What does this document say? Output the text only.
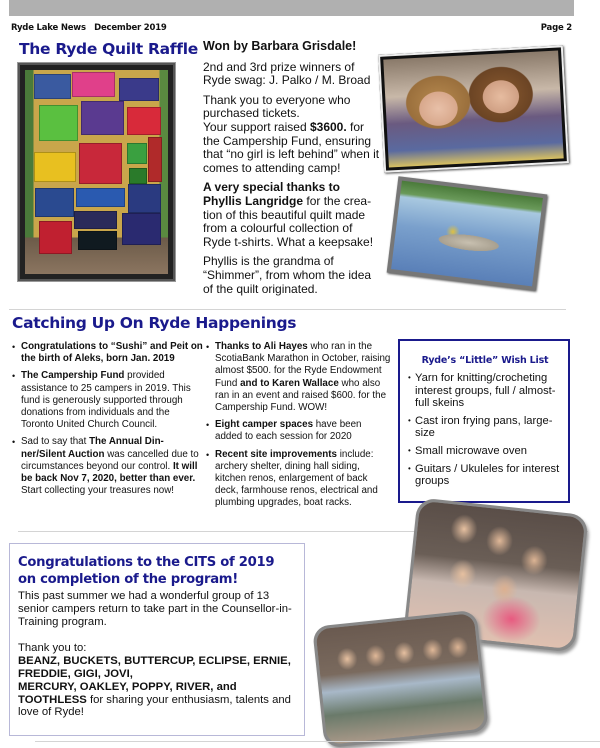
Ryde Lake News December 2019	Page 2
The Ryde Quilt Raffle Won by Barbara Grisdale!

2nd and 3rd prize winners of Ryde swag: J. Palko / M. Broad

Thank you to everyone who purchased tickets.
Your support raised $3600. for the Campership Fund, ensuring that “no girl is left behind” when it comes to attending camp!

A very special thanks to Phyllis Langridge for the crea-tion of this beautiful quilt made from a colourful collection of Ryde t-shirts. What a keepsake!

Phyllis is the grandma of “Shimmer”, from whom the idea of the quilt originated.

Catching Up On Ryde Happenings
• Congratulations to “Sushi” and Peit on the birth of Aleks, born Jan. 2019
• The Campership Fund provided assistance to 25 campers in 2019. This fund is generously supported through donations from individuals and the Toronto United Church Council.
• Sad to say that The Annual Din-ner/Silent Auction was cancelled due to circumstances beyond our control. It will be back Nov 7, 2020, better than ever. Start collecting your treasures now!
• Thanks to Ali Hayes who ran in the ScotiaBank Marathon in October, raising almost $500. for the Ryde Endowment Fund and to Karen Wallace who also ran in an event and raised $600. for the Campership Fund. WOW!
• Eight camper spaces have been added to each session for 2020
• Recent site improvements include: archery shelter, dining hall siding, kitchen renos, enlargement of back deck, farmhouse renos, electrical and plumbing upgrades, boat racks.
Ryde’s “Little” Wish List
• Yarn for knitting/crocheting interest groups, full / almost-full skeins
• Cast iron frying pans, large-size
• Small microwave oven
• Guitars / Ukuleles for interest groups
Congratulations to the CITS of 2019 on completion of the program!

This past summer we had a wonderful group of 13 senior campers return to take part in the Counsellor-in-Training program.

Thank you to:
BEANZ, BUCKETS, BUTTERCUP, ECLIPSE, ERNIE, FREDDIE, GIGI, JOVI,
MERCURY, OAKLEY, POPPY, RIVER, and TOOTHLESS for sharing your enthusiasm, talents and love of Ryde!
